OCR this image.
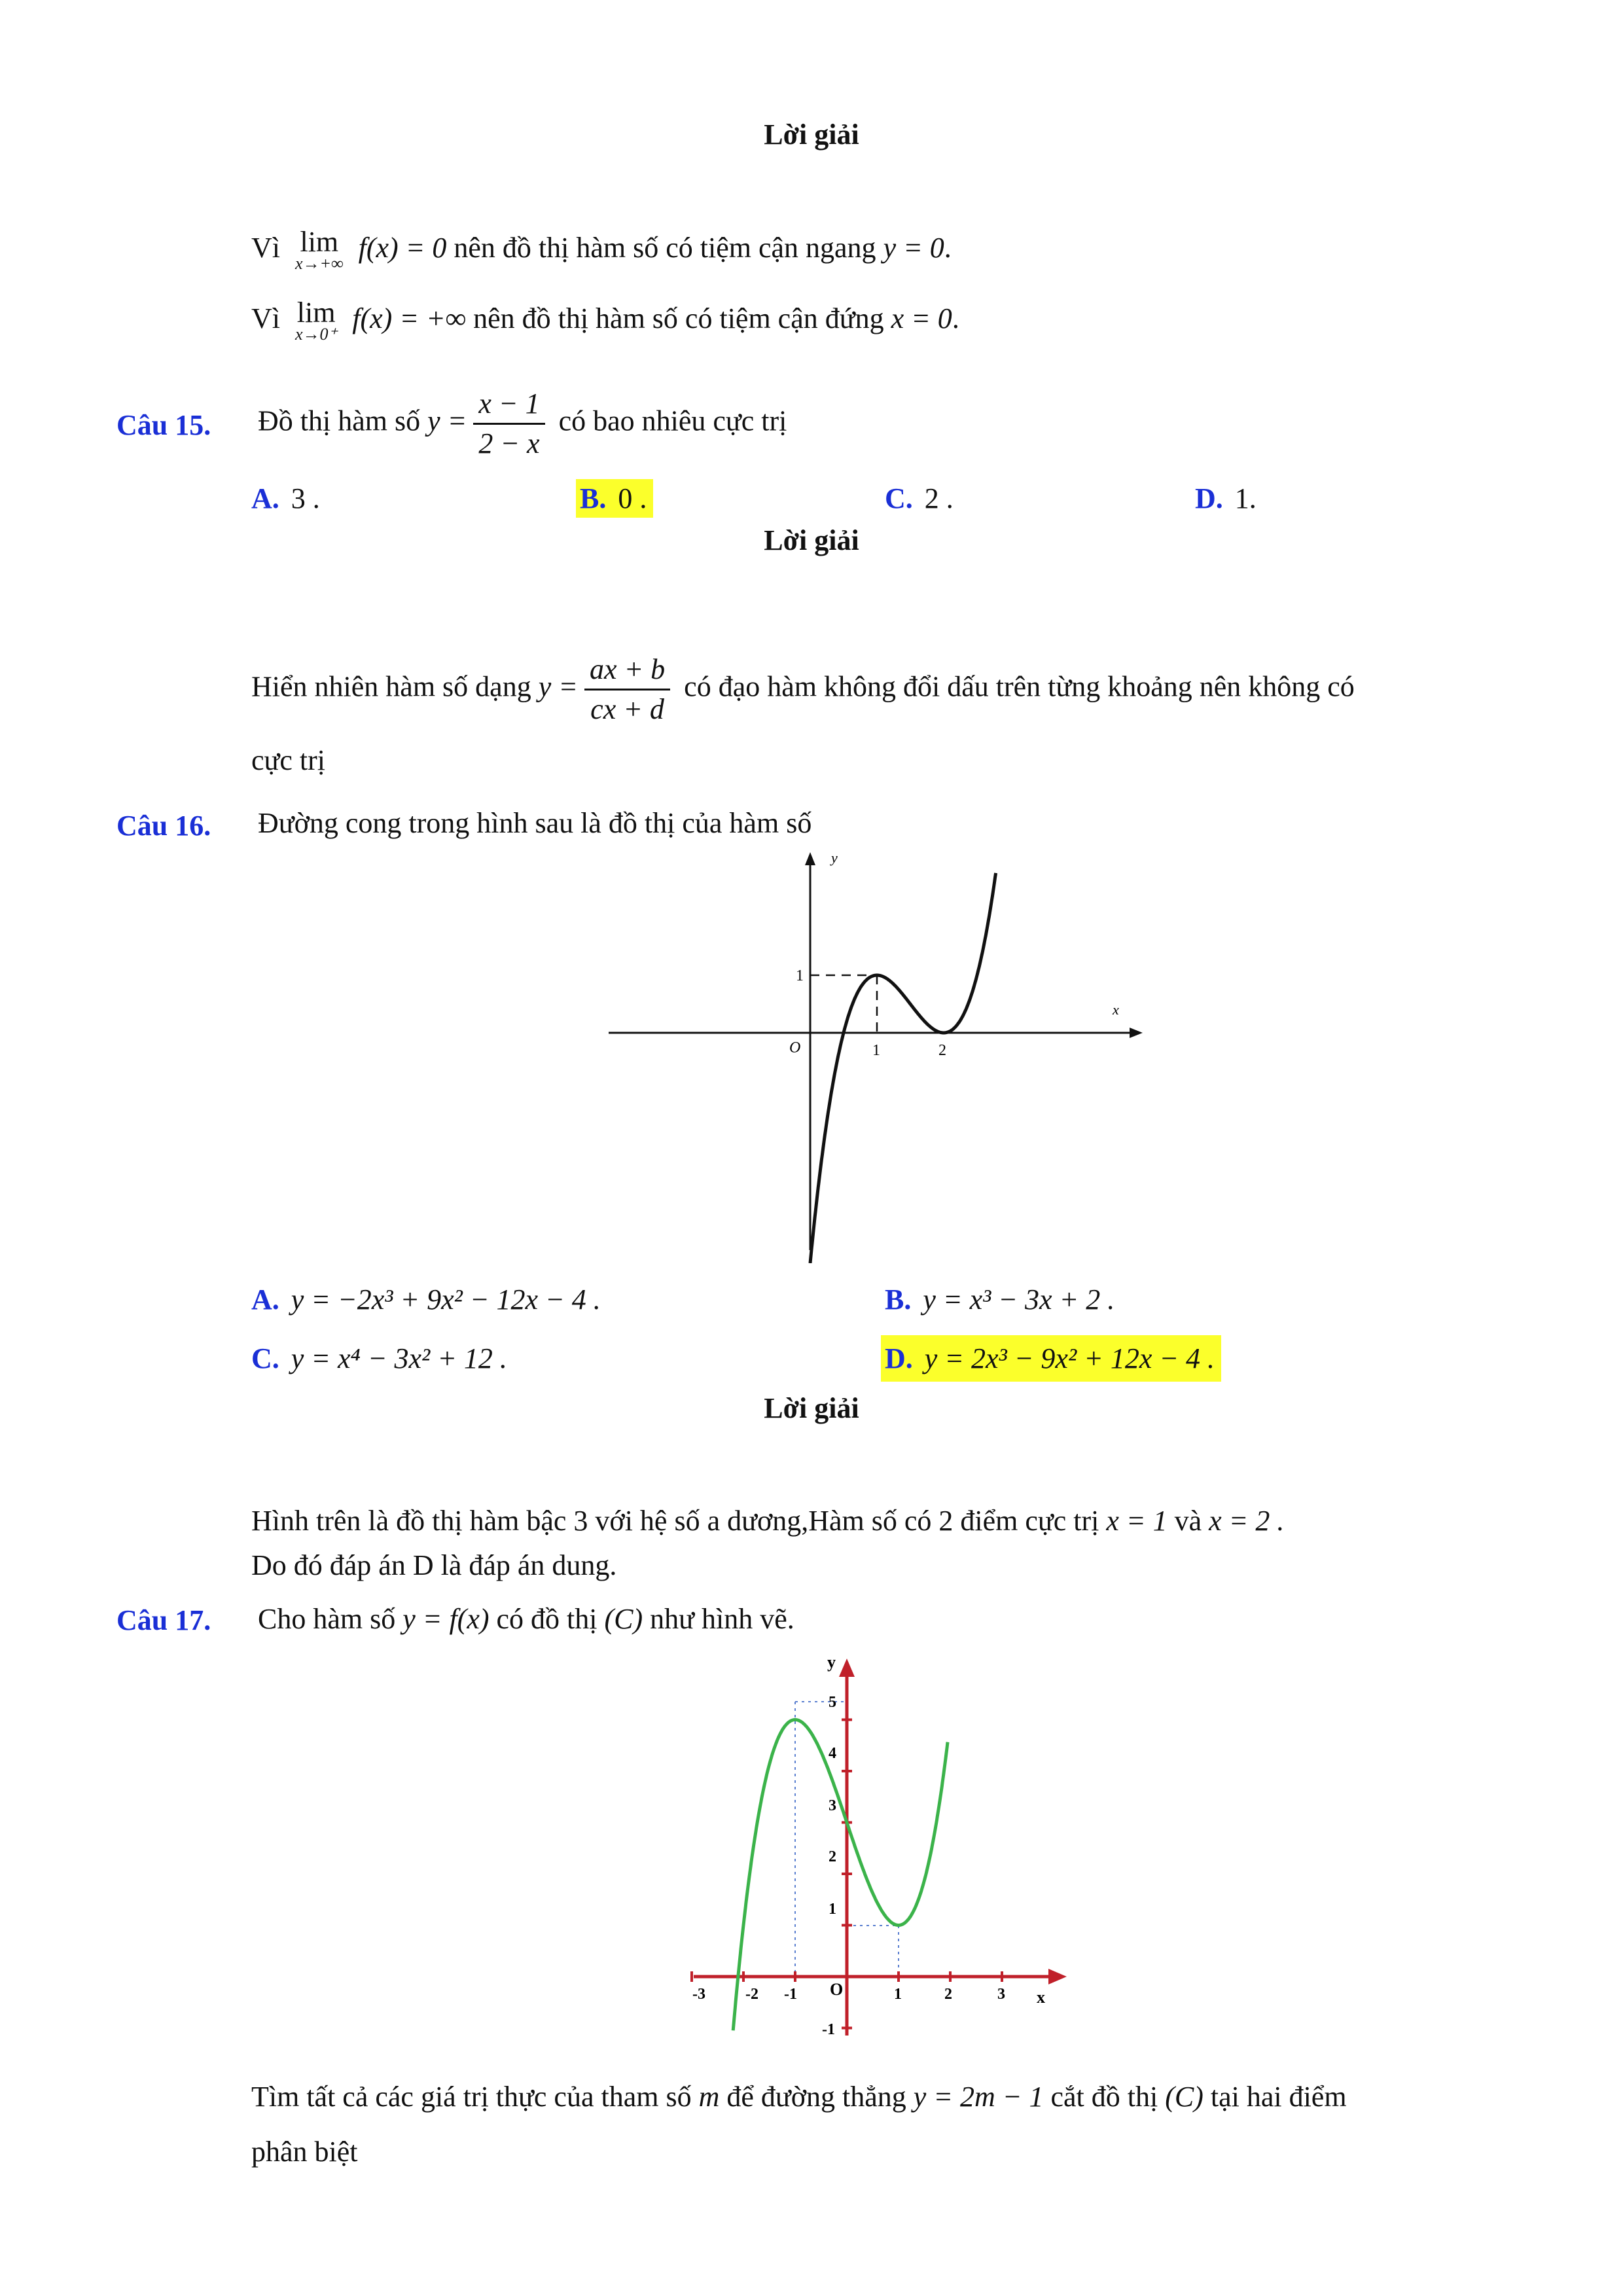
Lời giải
Vì lim
x→+∞ f(x) = 0 nên đồ thị hàm số có tiệm cận ngang y = 0.
Vì lim
x→0⁺ f(x) = +∞ nên đồ thị hàm số có tiệm cận đứng x = 0.
Câu 15. Đồ thị hàm số $y = \frac{x - 1}{2 - x}$ có bao nhiêu cực trị
A. 3 .	B. 0 .	C. 2 .	D. 1.
Lời giải
Hiển nhiên hàm số dạng $y = \frac{ax + b}{cx + d}$ có đạo hàm không đổi dấu trên từng khoảng nên không có
cực trị
Câu 16. Đường cong trong hình sau là đồ thị của hàm số
y
x
O	1	2
1
A. y = −2x³ + 9x² − 12x − 4 .	B. y = x³ − 3x + 2 .
C. y = x⁴ − 3x² + 12 .	D. y = 2x³ − 9x² + 12x − 4 .
Lời giải
Hình trên là đồ thị hàm bậc 3 với hệ số a dương,Hàm số có 2 điểm cực trị x = 1 và x = 2 .
Do đó đáp án D là đáp án dung.
Câu 17. Cho hàm số y = f(x) có đồ thị (C) như hình vẽ.
y
x
O
-3	-2 -1	1	2	3
5
4
3
2
1
-1
Tìm tất cả các giá trị thực của tham số m để đường thẳng y = 2m − 1 cắt đồ thị (C) tại hai điểm
phân biệt
